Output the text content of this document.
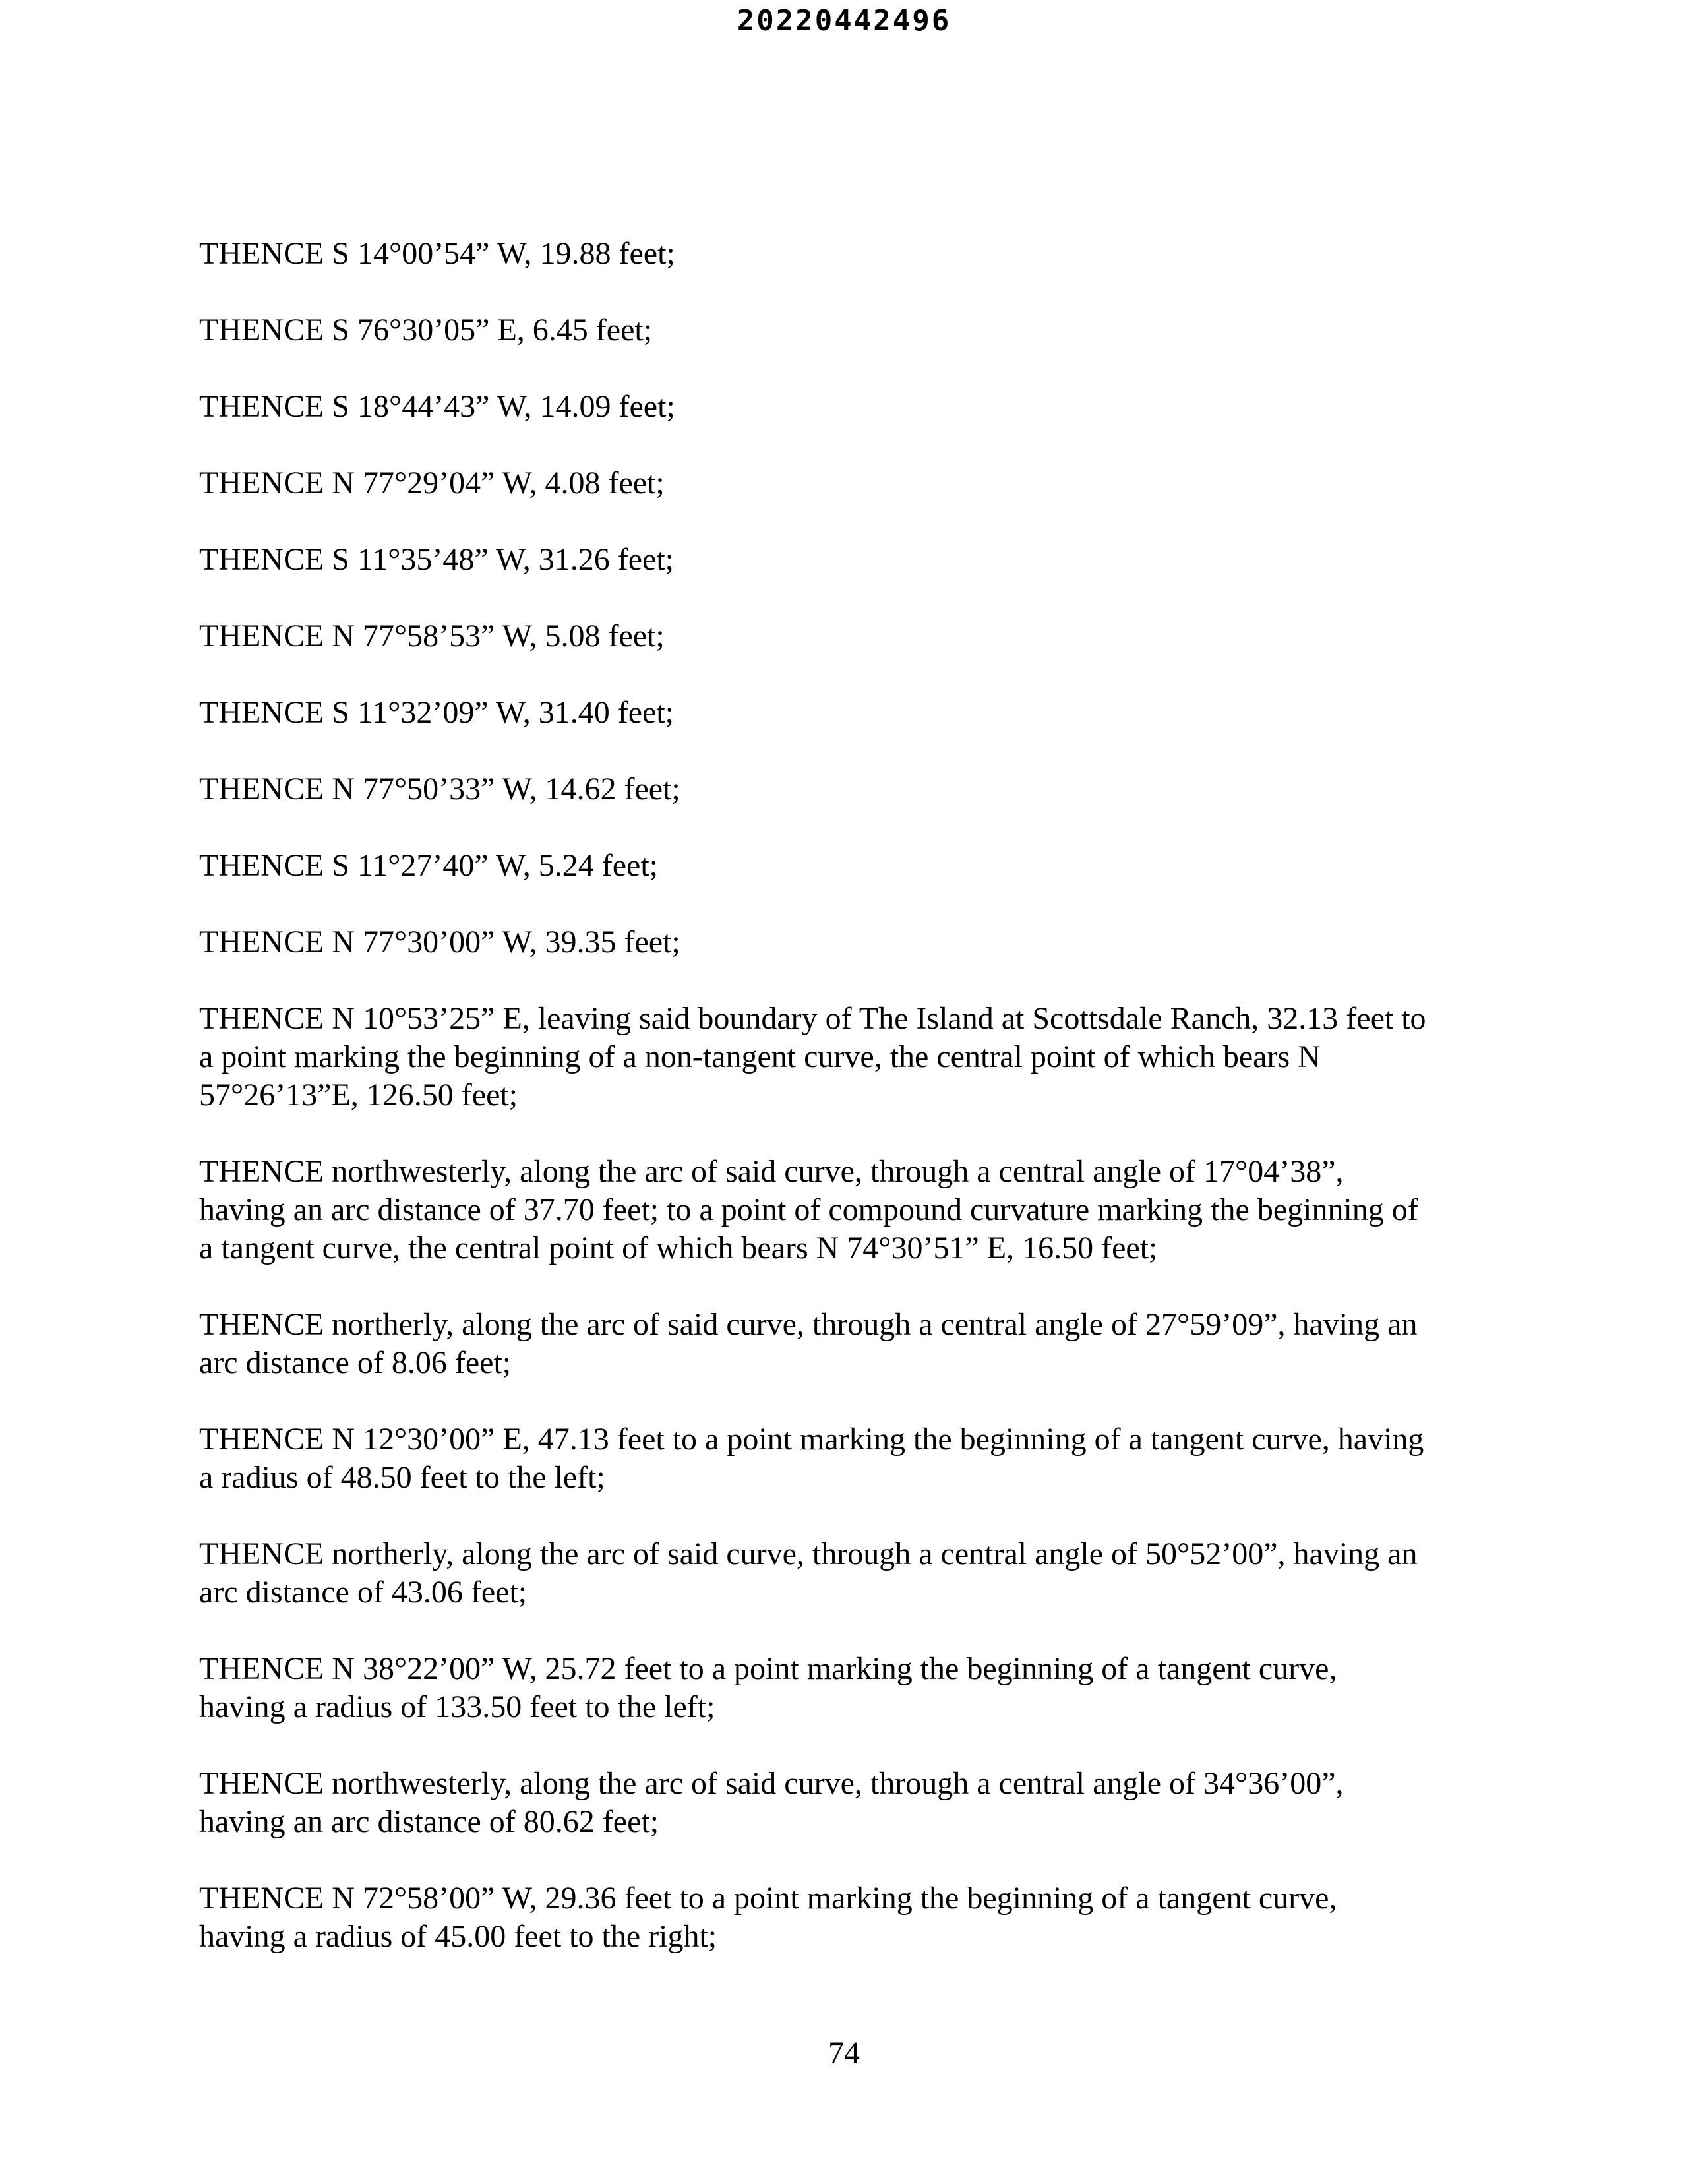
20220442496

THENCE S 14°00’54” W, 19.88 feet;

THENCE S 76°30’05” E, 6.45 feet;

THENCE S 18°44’43” W, 14.09 feet;

THENCE N 77°29’04” W, 4.08 feet;

THENCE S 11°35’48” W, 31.26 feet;

THENCE N 77°58’53” W, 5.08 feet;

THENCE S 11°32’09” W, 31.40 feet;

THENCE N 77°50’33” W, 14.62 feet;

THENCE S 11°27’40” W, 5.24 feet;

THENCE N 77°30’00” W, 39.35 feet;

THENCE N 10°53’25” E, leaving said boundary of The Island at Scottsdale Ranch, 32.13 feet to
a point marking the beginning of a non-tangent curve, the central point of which bears N
57°26’13”E, 126.50 feet;

THENCE northwesterly, along the arc of said curve, through a central angle of 17°04’38”,
having an arc distance of 37.70 feet; to a point of compound curvature marking the beginning of
a tangent curve, the central point of which bears N 74°30’51” E, 16.50 feet;

THENCE northerly, along the arc of said curve, through a central angle of 27°59’09”, having an
arc distance of 8.06 feet;

THENCE N 12°30’00” E, 47.13 feet to a point marking the beginning of a tangent curve, having
a radius of 48.50 feet to the left;

THENCE northerly, along the arc of said curve, through a central angle of 50°52’00”, having an
arc distance of 43.06 feet;

THENCE N 38°22’00” W, 25.72 feet to a point marking the beginning of a tangent curve,
having a radius of 133.50 feet to the left;

THENCE northwesterly, along the arc of said curve, through a central angle of 34°36’00”,
having an arc distance of 80.62 feet;

THENCE N 72°58’00” W, 29.36 feet to a point marking the beginning of a tangent curve,
having a radius of 45.00 feet to the right;

74
